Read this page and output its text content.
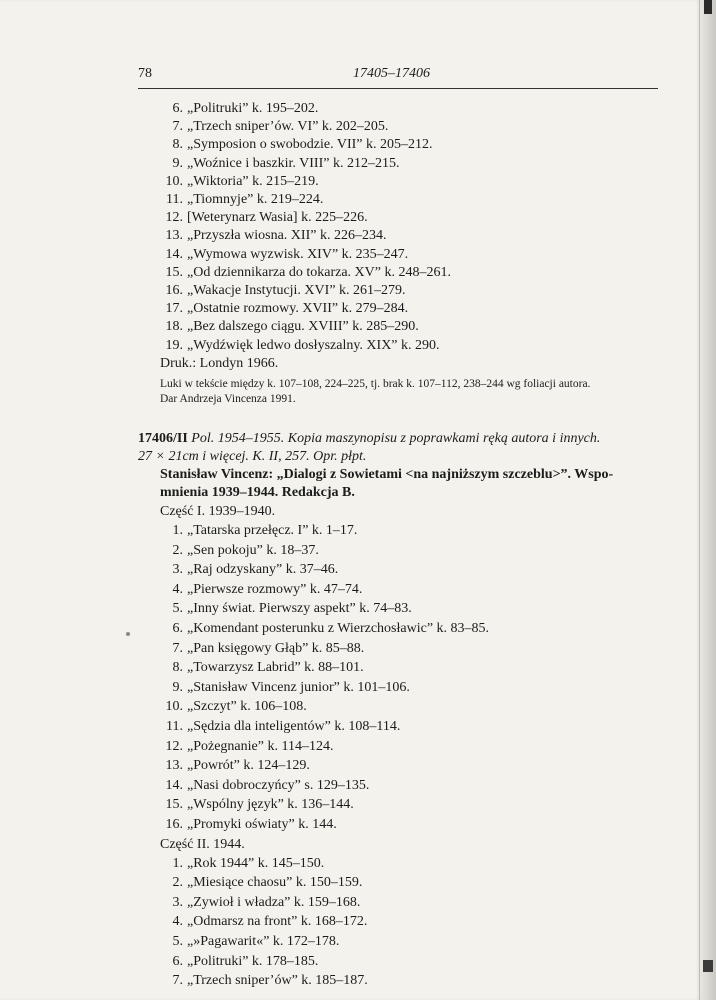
78	17405–17406
6. „Politruki” k. 195–202.
7. „Trzech sniper’ów. VI” k. 202–205.
8. „Symposion o swobodzie. VII” k. 205–212.
9. „Woźnice i baszkir. VIII” k. 212–215.
10. „Wiktoria” k. 215–219.
11. „Tiomnyje” k. 219–224.
12. [Weterynarz Wasia] k. 225–226.
13. „Przyszła wiosna. XII” k. 226–234.
14. „Wymowa wyzwisk. XIV” k. 235–247.
15. „Od dziennikarza do tokarza. XV” k. 248–261.
16. „Wakacje Instytucji. XVI” k. 261–279.
17. „Ostatnie rozmowy. XVII” k. 279–284.
18. „Bez dalszego ciągu. XVIII” k. 285–290.
19. „Wydźwięk ledwo dosłyszalny. XIX” k. 290.
Druk.: Londyn 1966.
Luki w tekście między k. 107–108, 224–225, tj. brak k. 107–112, 238–244 wg foliacji autora.
Dar Andrzeja Vincenza 1991.
17406/II Pol. 1954–1955. Kopia maszynopisu z poprawkami ręką autora i innych.
27 × 21cm i więcej. K. II, 257. Opr. płpt.
Stanisław Vincenz: „Dialogi z Sowietami <na najniższym szczeblu>”. Wspo-
mnienia 1939–1944. Redakcja B.
Część I. 1939–1940.
1. „Tatarska przełęcz. I” k. 1–17.
2. „Sen pokoju” k. 18–37.
3. „Raj odzyskany” k. 37–46.
4. „Pierwsze rozmowy” k. 47–74.
5. „Inny świat. Pierwszy aspekt” k. 74–83.
6. „Komendant posterunku z Wierzchosławic” k. 83–85.
7. „Pan księgowy Głąb” k. 85–88.
8. „Towarzysz Labrid” k. 88–101.
9. „Stanisław Vincenz junior” k. 101–106.
10. „Szczyt” k. 106–108.
11. „Sędzia dla inteligentów” k. 108–114.
12. „Pożegnanie” k. 114–124.
13. „Powrót” k. 124–129.
14. „Nasi dobroczyńcy” s. 129–135.
15. „Wspólny język” k. 136–144.
16. „Promyki oświaty” k. 144.
Część II. 1944.
1. „Rok 1944” k. 145–150.
2. „Miesiące chaosu” k. 150–159.
3. „Zywioł i władza” k. 159–168.
4. „Odmarsz na front” k. 168–172.
5. „»Pagawarit«” k. 172–178.
6. „Politruki” k. 178–185.
7. „Trzech sniper’ów” k. 185–187.
